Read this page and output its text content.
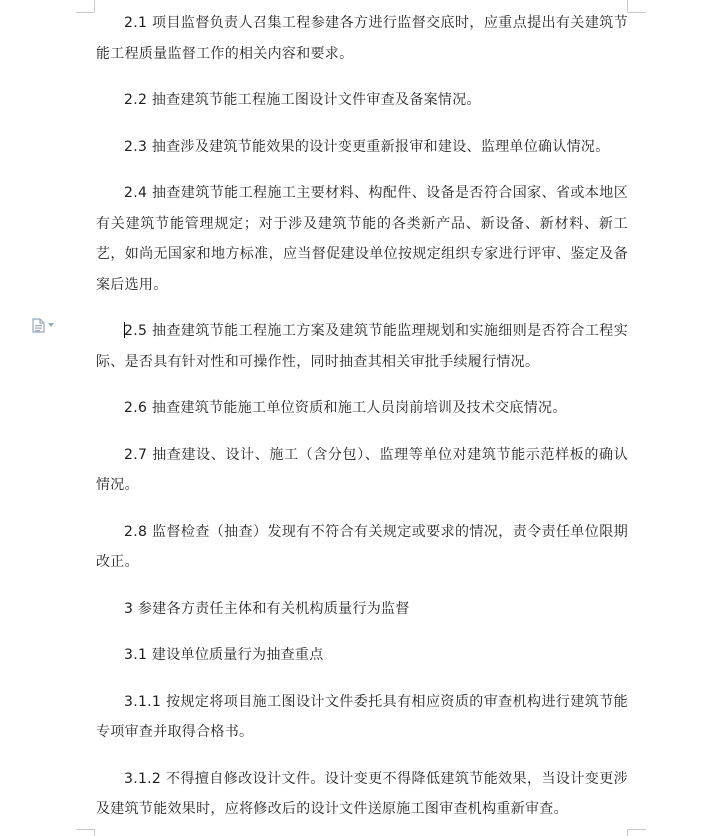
2.1 项目监督负责人召集工程参建各方进行监督交底时，应重点提出有关建筑节能工程质量监督工作的相关内容和要求。

2.2 抽查建筑节能工程施工图设计文件审查及备案情况。

2.3 抽查涉及建筑节能效果的设计变更重新报审和建设、监理单位确认情况。

2.4 抽查建筑节能工程施工主要材料、构配件、设备是否符合国家、省或本地区有关建筑节能管理规定；对于涉及建筑节能的各类新产品、新设备、新材料、新工艺，如尚无国家和地方标准，应当督促建设单位按规定组织专家进行评审、鉴定及备案后选用。

2.5 抽查建筑节能工程施工方案及建筑节能监理规划和实施细则是否符合工程实际、是否具有针对性和可操作性，同时抽查其相关审批手续履行情况。

2.6 抽查建筑节能施工单位资质和施工人员岗前培训及技术交底情况。

2.7 抽查建设、设计、施工（含分包）、监理等单位对建筑节能示范样板的确认情况。

2.8 监督检查（抽查）发现有不符合有关规定或要求的情况，责令责任单位限期改正。

3 参建各方责任主体和有关机构质量行为监督

3.1 建设单位质量行为抽查重点

3.1.1 按规定将项目施工图设计文件委托具有相应资质的审查机构进行建筑节能专项审查并取得合格书。

3.1.2 不得擅自修改设计文件。设计变更不得降低建筑节能效果，当设计变更涉及建筑节能效果时，应将修改后的设计文件送原施工图审查机构重新审查。
